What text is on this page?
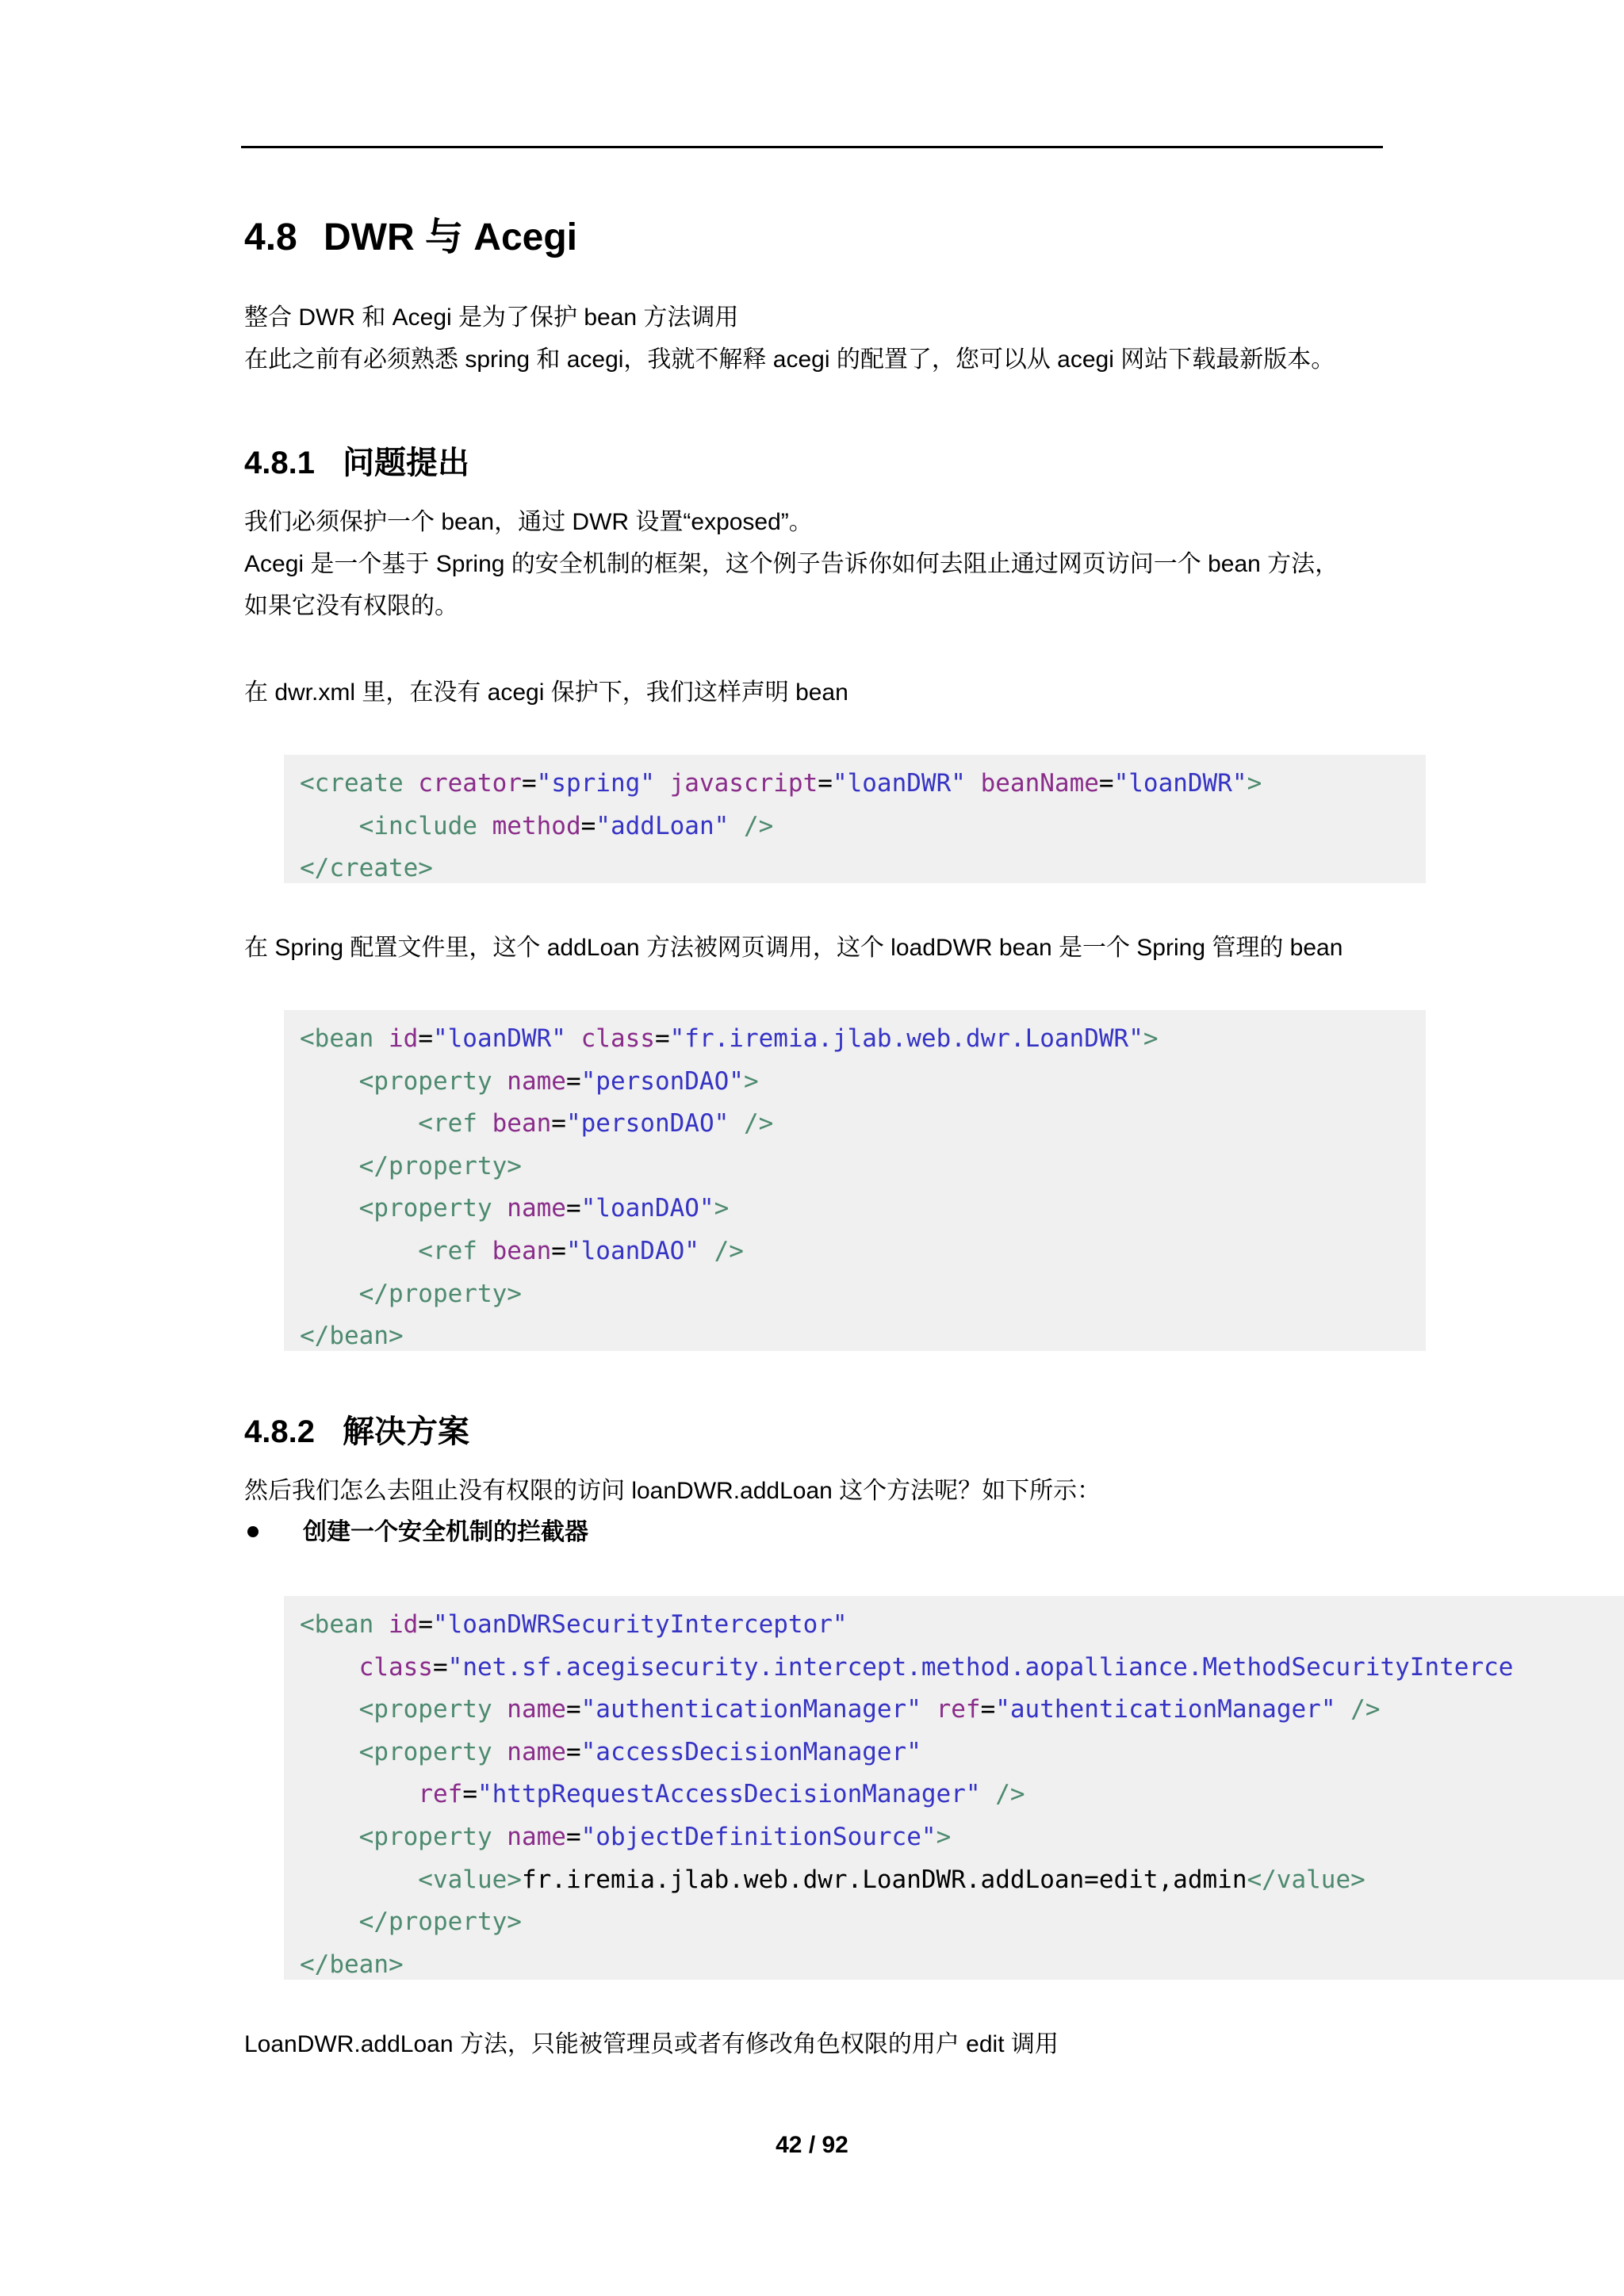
4.8 DWR 与 Acegi
整合 DWR 和 Acegi 是为了保护 bean 方法调用
在此之前有必须熟悉 spring 和 acegi，我就不解释 acegi 的配置了，您可以从 acegi 网站下载最新版本。
4.8.1 问题提出
我们必须保护一个 bean，通过 DWR 设置“exposed”。
Acegi 是一个基于 Spring 的安全机制的框架，这个例子告诉你如何去阻止通过网页访问一个 bean 方法，
如果它没有权限的。
在 dwr.xml 里，在没有 acegi 保护下，我们这样声明 bean
<create creator="spring" javascript="loanDWR" beanName="loanDWR">
<include method="addLoan" />
</create>
在 Spring 配置文件里，这个 addLoan 方法被网页调用，这个 loadDWR bean 是一个 Spring 管理的 bean
<bean id="loanDWR" class="fr.iremia.jlab.web.dwr.LoanDWR">
<property name="personDAO">
<ref bean="personDAO" />
</property>
<property name="loanDAO">
<ref bean="loanDAO" />
</property>
</bean>
4.8.2 解决方案
然后我们怎么去阻止没有权限的访问 loanDWR.addLoan 这个方法呢？如下所示：
创建一个安全机制的拦截器
<bean id="loanDWRSecurityInterceptor"
class="net.sf.acegisecurity.intercept.method.aopalliance.MethodSecurityInterce
<property name="authenticationManager" ref="authenticationManager" />
<property name="accessDecisionManager"
ref="httpRequestAccessDecisionManager" />
<property name="objectDefinitionSource">
<value>fr.iremia.jlab.web.dwr.LoanDWR.addLoan=edit,admin</value>
</property>
</bean>
LoanDWR.addLoan 方法，只能被管理员或者有修改角色权限的用户 edit 调用
42 / 92
